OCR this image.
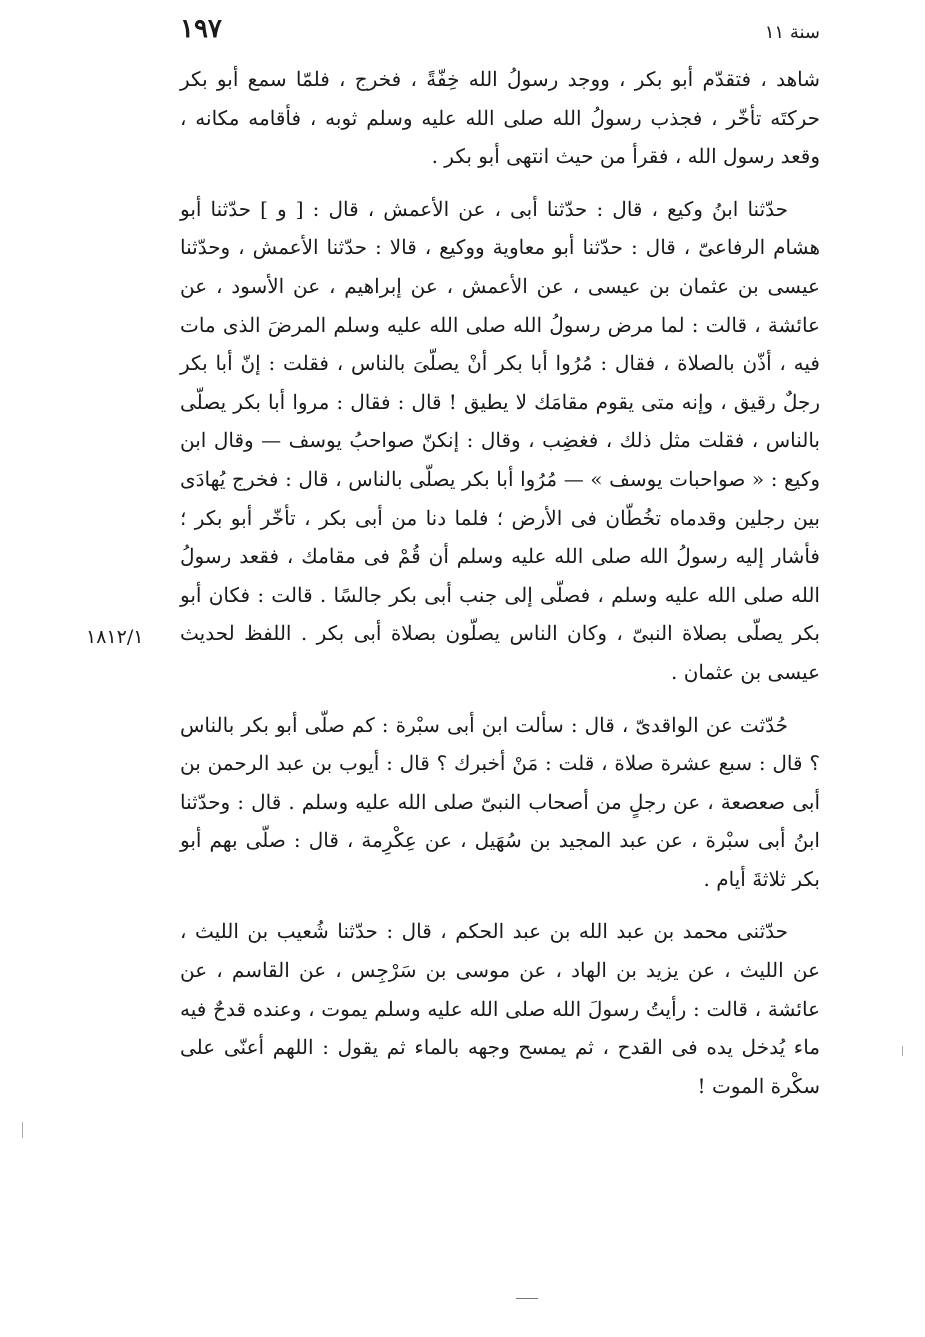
١٩٧	سنة ١١

شاهد ، فتقدّم أبو بكر ، ووجد رسولُ الله خِفّةً ، فخرج ، فلمّا سمع أبو بكر حركتَه تأخّر ، فجذب رسولُ الله صلى الله عليه وسلم ثوبه ، فأقامه مكانه ، وقعد رسول الله ، فقرأ من حيث انتهى أبو بكر .

حدّثنا ابنُ وكيع ، قال : حدّثنا أبى ، عن الأعمش ، قال : [ و ] حدّثنا أبو هشام الرفاعىّ ، قال : حدّثنا أبو معاوية ووكيع ، قالا : حدّثنا الأعمش ، وحدّثنا عيسى بن عثمان بن عيسى ، عن الأعمش ، عن إبراهيم ، عن الأسود ، عن عائشة ، قالت : لما مرض رسولُ الله صلى الله عليه وسلم المرضَ الذى مات فيه ، أذّن بالصلاة ، فقال : مُرُوا أبا بكر أنْ يصلّىَ بالناس ، فقلت : إنّ أبا بكر رجلٌ رقيق ، وإنه متى يقوم مقامَك لا يطيق ! قال : فقال : مروا أبا بكر يصلّى بالناس ، فقلت مثل ذلك ، فغضِب ، وقال : إنكنّ صواحبُ يوسف — وقال ابن وكيع : « صواحبات يوسف » — مُرُوا أبا بكر يصلّى بالناس ، قال : فخرج يُهادَى بين رجلين وقدماه تخُطّان فى الأرض ؛ فلما دنا من أبى بكر ، تأخّر أبو بكر ؛ فأشار إليه رسولُ الله صلى الله عليه وسلم أن قُمْ فى مقامك ، فقعد رسولُ الله صلى الله عليه وسلم ، فصلّى إلى جنب أبى بكر جالسًا . قالت : فكان أبو بكر يصلّى بصلاة النبىّ ، وكان الناس يصلّون بصلاة أبى بكر . اللفظ لحديث عيسى بن عثمان .

حُدّثت عن الواقدىّ ، قال : سألت ابن أبى سبْرة : كم صلّى أبو بكر بالناس ؟ قال : سبع عشرة صلاة ، قلت : مَنْ أخبرك ؟ قال : أيوب بن عبد الرحمن بن أبى صعصعة ، عن رجلٍ من أصحاب النبىّ صلى الله عليه وسلم . قال : وحدّثنا ابنُ أبى سبْرة ، عن عبد المجيد بن سُهَيل ، عن عِكْرِمة ، قال : صلّى بهم أبو بكر ثلاثةَ أيام .

حدّثنى محمد بن عبد الله بن عبد الحكم ، قال : حدّثنا شُعيب بن الليث ، عن الليث ، عن يزيد بن الهاد ، عن موسى بن سَرْجِس ، عن القاسم ، عن عائشة ، قالت : رأيتُ رسولَ الله صلى الله عليه وسلم يموت ، وعنده قدحٌ فيه ماء يُدخل يده فى القدح ، ثم يمسح وجهه بالماء ثم يقول : اللهم أعنّى على سكْرة الموت !

١٨١٢/١
